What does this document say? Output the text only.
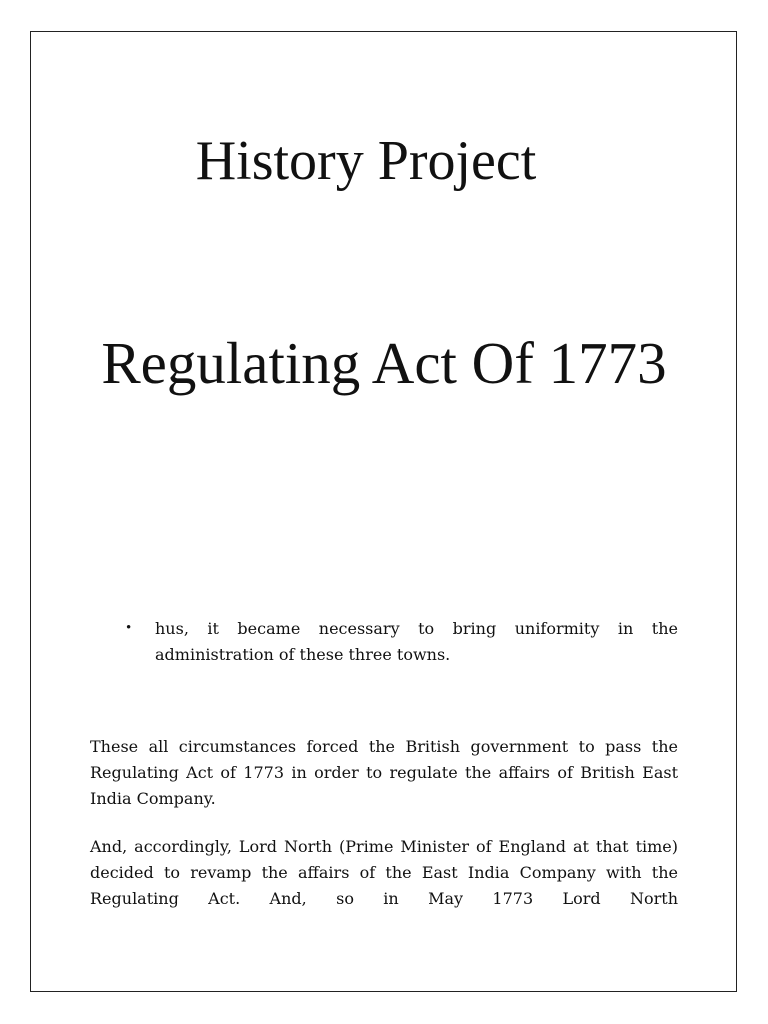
History Project
Regulating Act Of 1773
• hus, it became necessary to bring uniformity in the administration of these three towns.

These all circumstances forced the British government to pass the Regulating Act of 1773 in order to regulate the affairs of British East India Company.

And, accordingly, Lord North (Prime Minister of England at that time) decided to revamp the affairs of the East India Company with the Regulating Act. And, so in May 1773 Lord North
